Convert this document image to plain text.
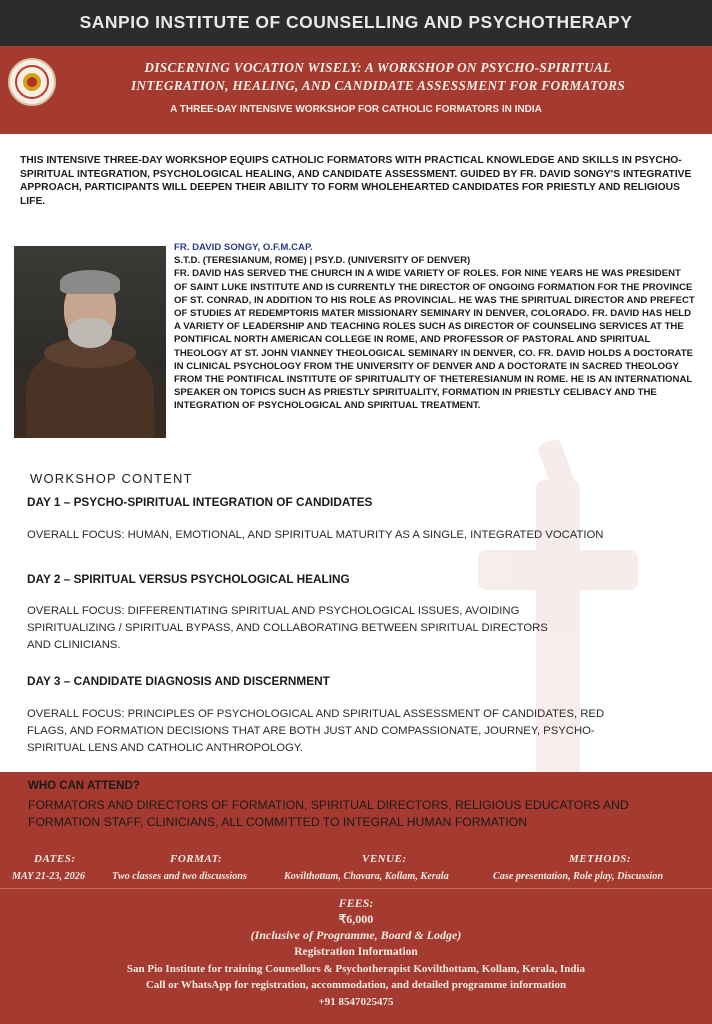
SANPIO INSTITUTE OF COUNSELLING AND PSYCHOTHERAPY
DISCERNING VOCATION WISELY: A WORKSHOP ON PSYCHO-SPIRITUAL
INTEGRATION, HEALING, AND CANDIDATE ASSESSMENT FOR FORMATORS
A THREE-DAY INTENSIVE WORKSHOP FOR CATHOLIC FORMATORS IN INDIA
THIS INTENSIVE THREE-DAY WORKSHOP EQUIPS CATHOLIC FORMATORS WITH PRACTICAL KNOWLEDGE AND SKILLS IN PSYCHO-SPIRITUAL INTEGRATION, PSYCHOLOGICAL HEALING, AND CANDIDATE ASSESSMENT. GUIDED BY FR. DAVID SONGY'S INTEGRATIVE APPROACH, PARTICIPANTS WILL DEEPEN THEIR ABILITY TO FORM WHOLEHEARTED CANDIDATES FOR PRIESTLY AND RELIGIOUS LIFE.
FR. DAVID SONGY, O.F.M.CAP.
S.T.D. (TERESIANUM, ROME) | PSY.D. (UNIVERSITY OF DENVER)
FR. DAVID HAS SERVED THE CHURCH IN A WIDE VARIETY OF ROLES. FOR NINE YEARS HE WAS PRESIDENT OF SAINT LUKE INSTITUTE AND IS CURRENTLY THE DIRECTOR OF ONGOING FORMATION FOR THE PROVINCE OF ST. CONRAD, IN ADDITION TO HIS ROLE AS PROVINCIAL. HE WAS THE SPIRITUAL DIRECTOR AND PREFECT OF STUDIES AT REDEMPTORIS MATER MISSIONARY SEMINARY IN DENVER, COLORADO. FR. DAVID HAS HELD A VARIETY OF LEADERSHIP AND TEACHING ROLES SUCH AS DIRECTOR OF COUNSELING SERVICES AT THE PONTIFICAL NORTH AMERICAN COLLEGE IN ROME, AND PROFESSOR OF PASTORAL AND SPIRITUAL THEOLOGY AT ST. JOHN VIANNEY THEOLOGICAL SEMINARY IN DENVER, CO. FR. DAVID HOLDS A DOCTORATE IN CLINICAL PSYCHOLOGY FROM THE UNIVERSITY OF DENVER AND A DOCTORATE IN SACRED THEOLOGY FROM THE PONTIFICAL INSTITUTE OF SPIRITUALITY OF THETERESIANUM IN ROME. HE IS AN INTERNATIONAL SPEAKER ON TOPICS SUCH AS PRIESTLY SPIRITUALITY, FORMATION IN PRIESTLY CELIBACY AND THE INTEGRATION OF PSYCHOLOGICAL AND SPIRITUAL TREATMENT.
WORKSHOP CONTENT
DAY 1 – PSYCHO-SPIRITUAL INTEGRATION OF CANDIDATES
OVERALL FOCUS: HUMAN, EMOTIONAL, AND SPIRITUAL MATURITY AS A SINGLE, INTEGRATED VOCATION
DAY 2 – SPIRITUAL VERSUS PSYCHOLOGICAL HEALING
OVERALL FOCUS: DIFFERENTIATING SPIRITUAL AND PSYCHOLOGICAL ISSUES, AVOIDING SPIRITUALIZING / SPIRITUAL BYPASS, AND COLLABORATING BETWEEN SPIRITUAL DIRECTORS AND CLINICIANS.
DAY 3 – CANDIDATE DIAGNOSIS AND DISCERNMENT
OVERALL FOCUS: PRINCIPLES OF PSYCHOLOGICAL AND SPIRITUAL ASSESSMENT OF CANDIDATES, RED FLAGS, AND FORMATION DECISIONS THAT ARE BOTH JUST AND COMPASSIONATE, JOURNEY, PSYCHO-SPIRITUAL LENS AND CATHOLIC ANTHROPOLOGY.
WHO CAN ATTEND?
FORMATORS AND DIRECTORS OF FORMATION, SPIRITUAL DIRECTORS, RELIGIOUS EDUCATORS AND FORMATION STAFF, CLINICIANS, ALL COMMITTED TO INTEGRAL HUMAN FORMATION
DATES:
MAY 21-23, 2026
FORMAT:
Two classes and two discussions
VENUE:
Kovilthottam, Chavara, Kollam, Kerala
METHODS:
Case presentation, Role play, Discussion
FEES:
₹6,000
(Inclusive of Programme, Board & Lodge)
Registration Information
San Pio Institute for training Counsellors & Psychotherapist Kovilthottam, Kollam, Kerala, India
Call or WhatsApp for registration, accommodation, and detailed programme information
+91 8547025475
